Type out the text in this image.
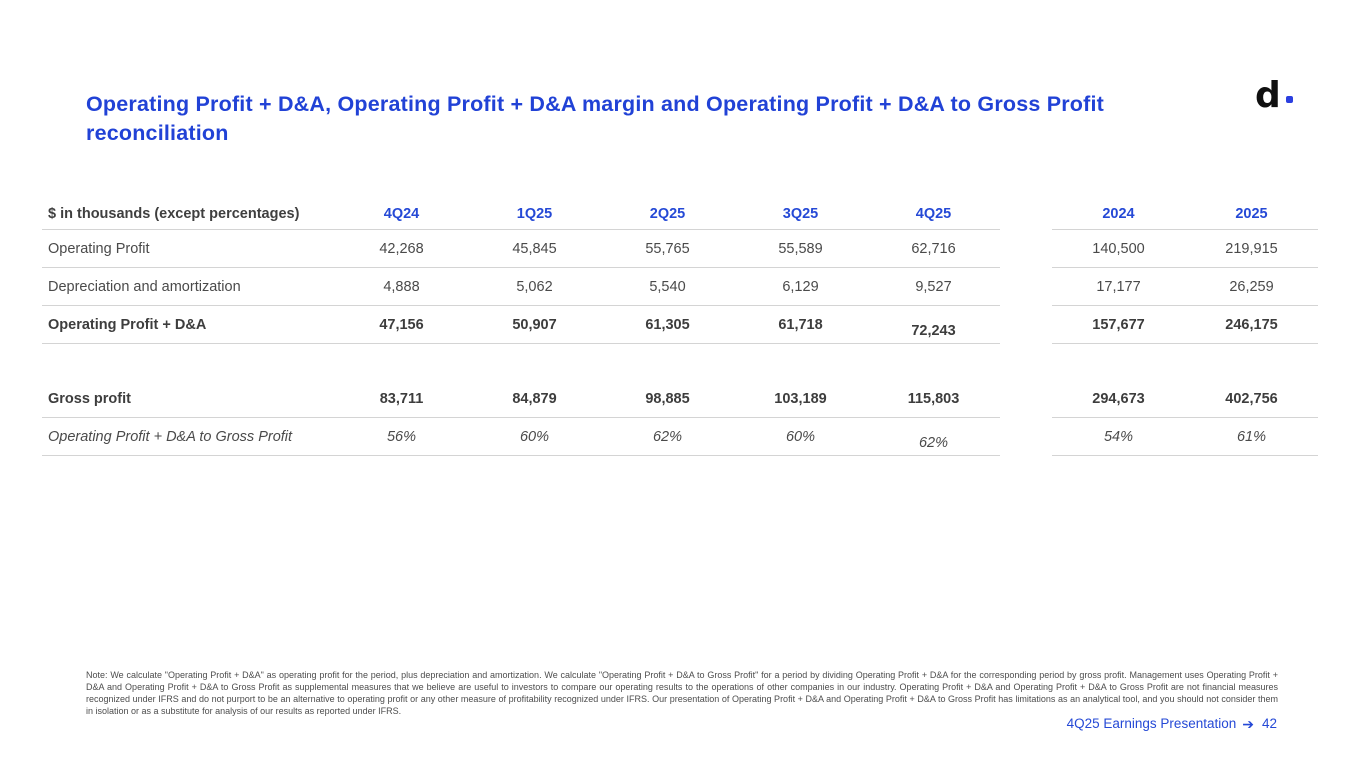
Operating Profit + D&A, Operating Profit + D&A margin and Operating Profit + D&A to Gross Profit reconciliation
d
$ in thousands (except percentages)	4Q24	1Q25	2Q25	3Q25	4Q25	2024	2025
Operating Profit	42,268	45,845	55,765	55,589	62,716	140,500	219,915
Depreciation and amortization	4,888	5,062	5,540	6,129	9,527	17,177	26,259
Operating Profit + D&A	47,156	50,907	61,305	61,718	72,243	157,677	246,175
Gross profit	83,711	84,879	98,885	103,189	115,803	294,673	402,756
Operating Profit + D&A to Gross Profit	56%	60%	62%	60%	62%	54%	61%
Note: We calculate "Operating Profit + D&A" as operating profit for the period, plus depreciation and amortization. We calculate "Operating Profit + D&A to Gross Profit" for a period by dividing Operating Profit + D&A for the corresponding period by gross profit. Management uses Operating Profit + D&A and Operating Profit + D&A to Gross Profit as supplemental measures that we believe are useful to investors to compare our operating results to the operations of other companies in our industry. Operating Profit + D&A and Operating Profit + D&A to Gross Profit are not financial measures recognized under IFRS and do not purport to be an alternative to operating profit or any other measure of profitability recognized under IFRS. Our presentation of Operating Profit + D&A and Operating Profit + D&A to Gross Profit has limitations as an analytical tool, and you should not consider them in isolation or as a substitute for analysis of our results as reported under IFRS.
4Q25 Earnings Presentation ➔ 42
